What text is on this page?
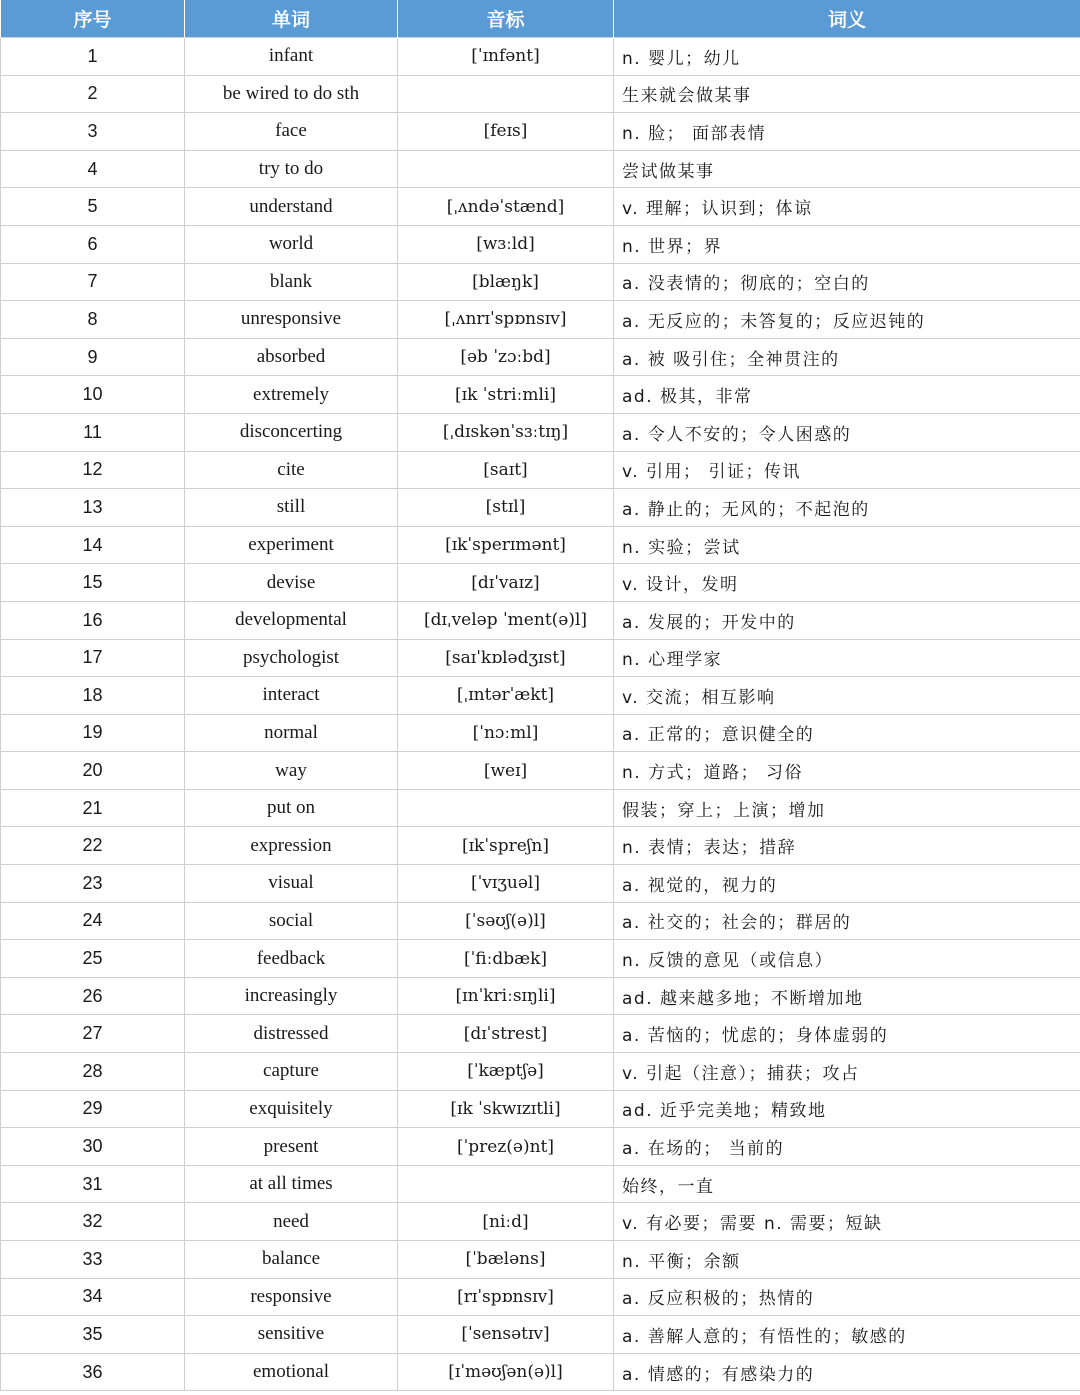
序号	单词	音标	词义
1	infant	[ˈɪnfənt]	n. 婴儿；幼儿
2	be wired to do sth		生来就会做某事
3	face	[feɪs]	n. 脸； 面部表情
4	try to do		尝试做某事
5	understand	[ˌʌndəˈstænd]	v. 理解；认识到；体谅
6	world	[wɜːld]	n. 世界；界
7	blank	[blæŋk]	a. 没表情的；彻底的；空白的
8	unresponsive	[ˌʌnrɪˈspɒnsɪv]	a. 无反应的；未答复的；反应迟钝的
9	absorbed	[əb ˈzɔːbd]	a. 被 吸引住；全神贯注的
10	extremely	[ɪk ˈstriːmli]	ad. 极其，非常
11	disconcerting	[ˌdɪskənˈsɜːtɪŋ]	a. 令人不安的；令人困惑的
12	cite	[saɪt]	v. 引用； 引证；传讯
13	still	[stɪl]	a. 静止的；无风的；不起泡的
14	experiment	[ɪkˈsperɪmənt]	n. 实验；尝试
15	devise	[dɪˈvaɪz]	v. 设计，发明
16	developmental	[dɪˌveləp ˈment(ə)l]	a. 发展的；开发中的
17	psychologist	[saɪˈkɒlədʒɪst]	n. 心理学家
18	interact	[ˌɪntərˈækt]	v. 交流；相互影响
19	normal	[ˈnɔːml]	a. 正常的；意识健全的
20	way	[weɪ]	n. 方式；道路； 习俗
21	put on		假装；穿上；上演；增加
22	expression	[ɪkˈspreʃn]	n. 表情；表达；措辞
23	visual	[ˈvɪʒuəl]	a. 视觉的，视力的
24	social	[ˈsəʊʃ(ə)l]	a. 社交的；社会的；群居的
25	feedback	[ˈfiːdbæk]	n. 反馈的意见（或信息）
26	increasingly	[ɪnˈkriːsɪŋli]	ad. 越来越多地；不断增加地
27	distressed	[dɪˈstrest]	a. 苦恼的；忧虑的；身体虚弱的
28	capture	[ˈkæptʃə]	v. 引起（注意）；捕获；攻占
29	exquisitely	[ɪk ˈskwɪzɪtli]	ad. 近乎完美地；精致地
30	present	[ˈprez(ə)nt]	a. 在场的； 当前的
31	at all times		始终，一直
32	need	[niːd]	v. 有必要；需要 n. 需要；短缺
33	balance	[ˈbæləns]	n. 平衡；余额
34	responsive	[rɪˈspɒnsɪv]	a. 反应积极的；热情的
35	sensitive	[ˈsensətɪv]	a. 善解人意的；有悟性的；敏感的
36	emotional	[ɪˈməʊʃən(ə)l]	a. 情感的；有感染力的
